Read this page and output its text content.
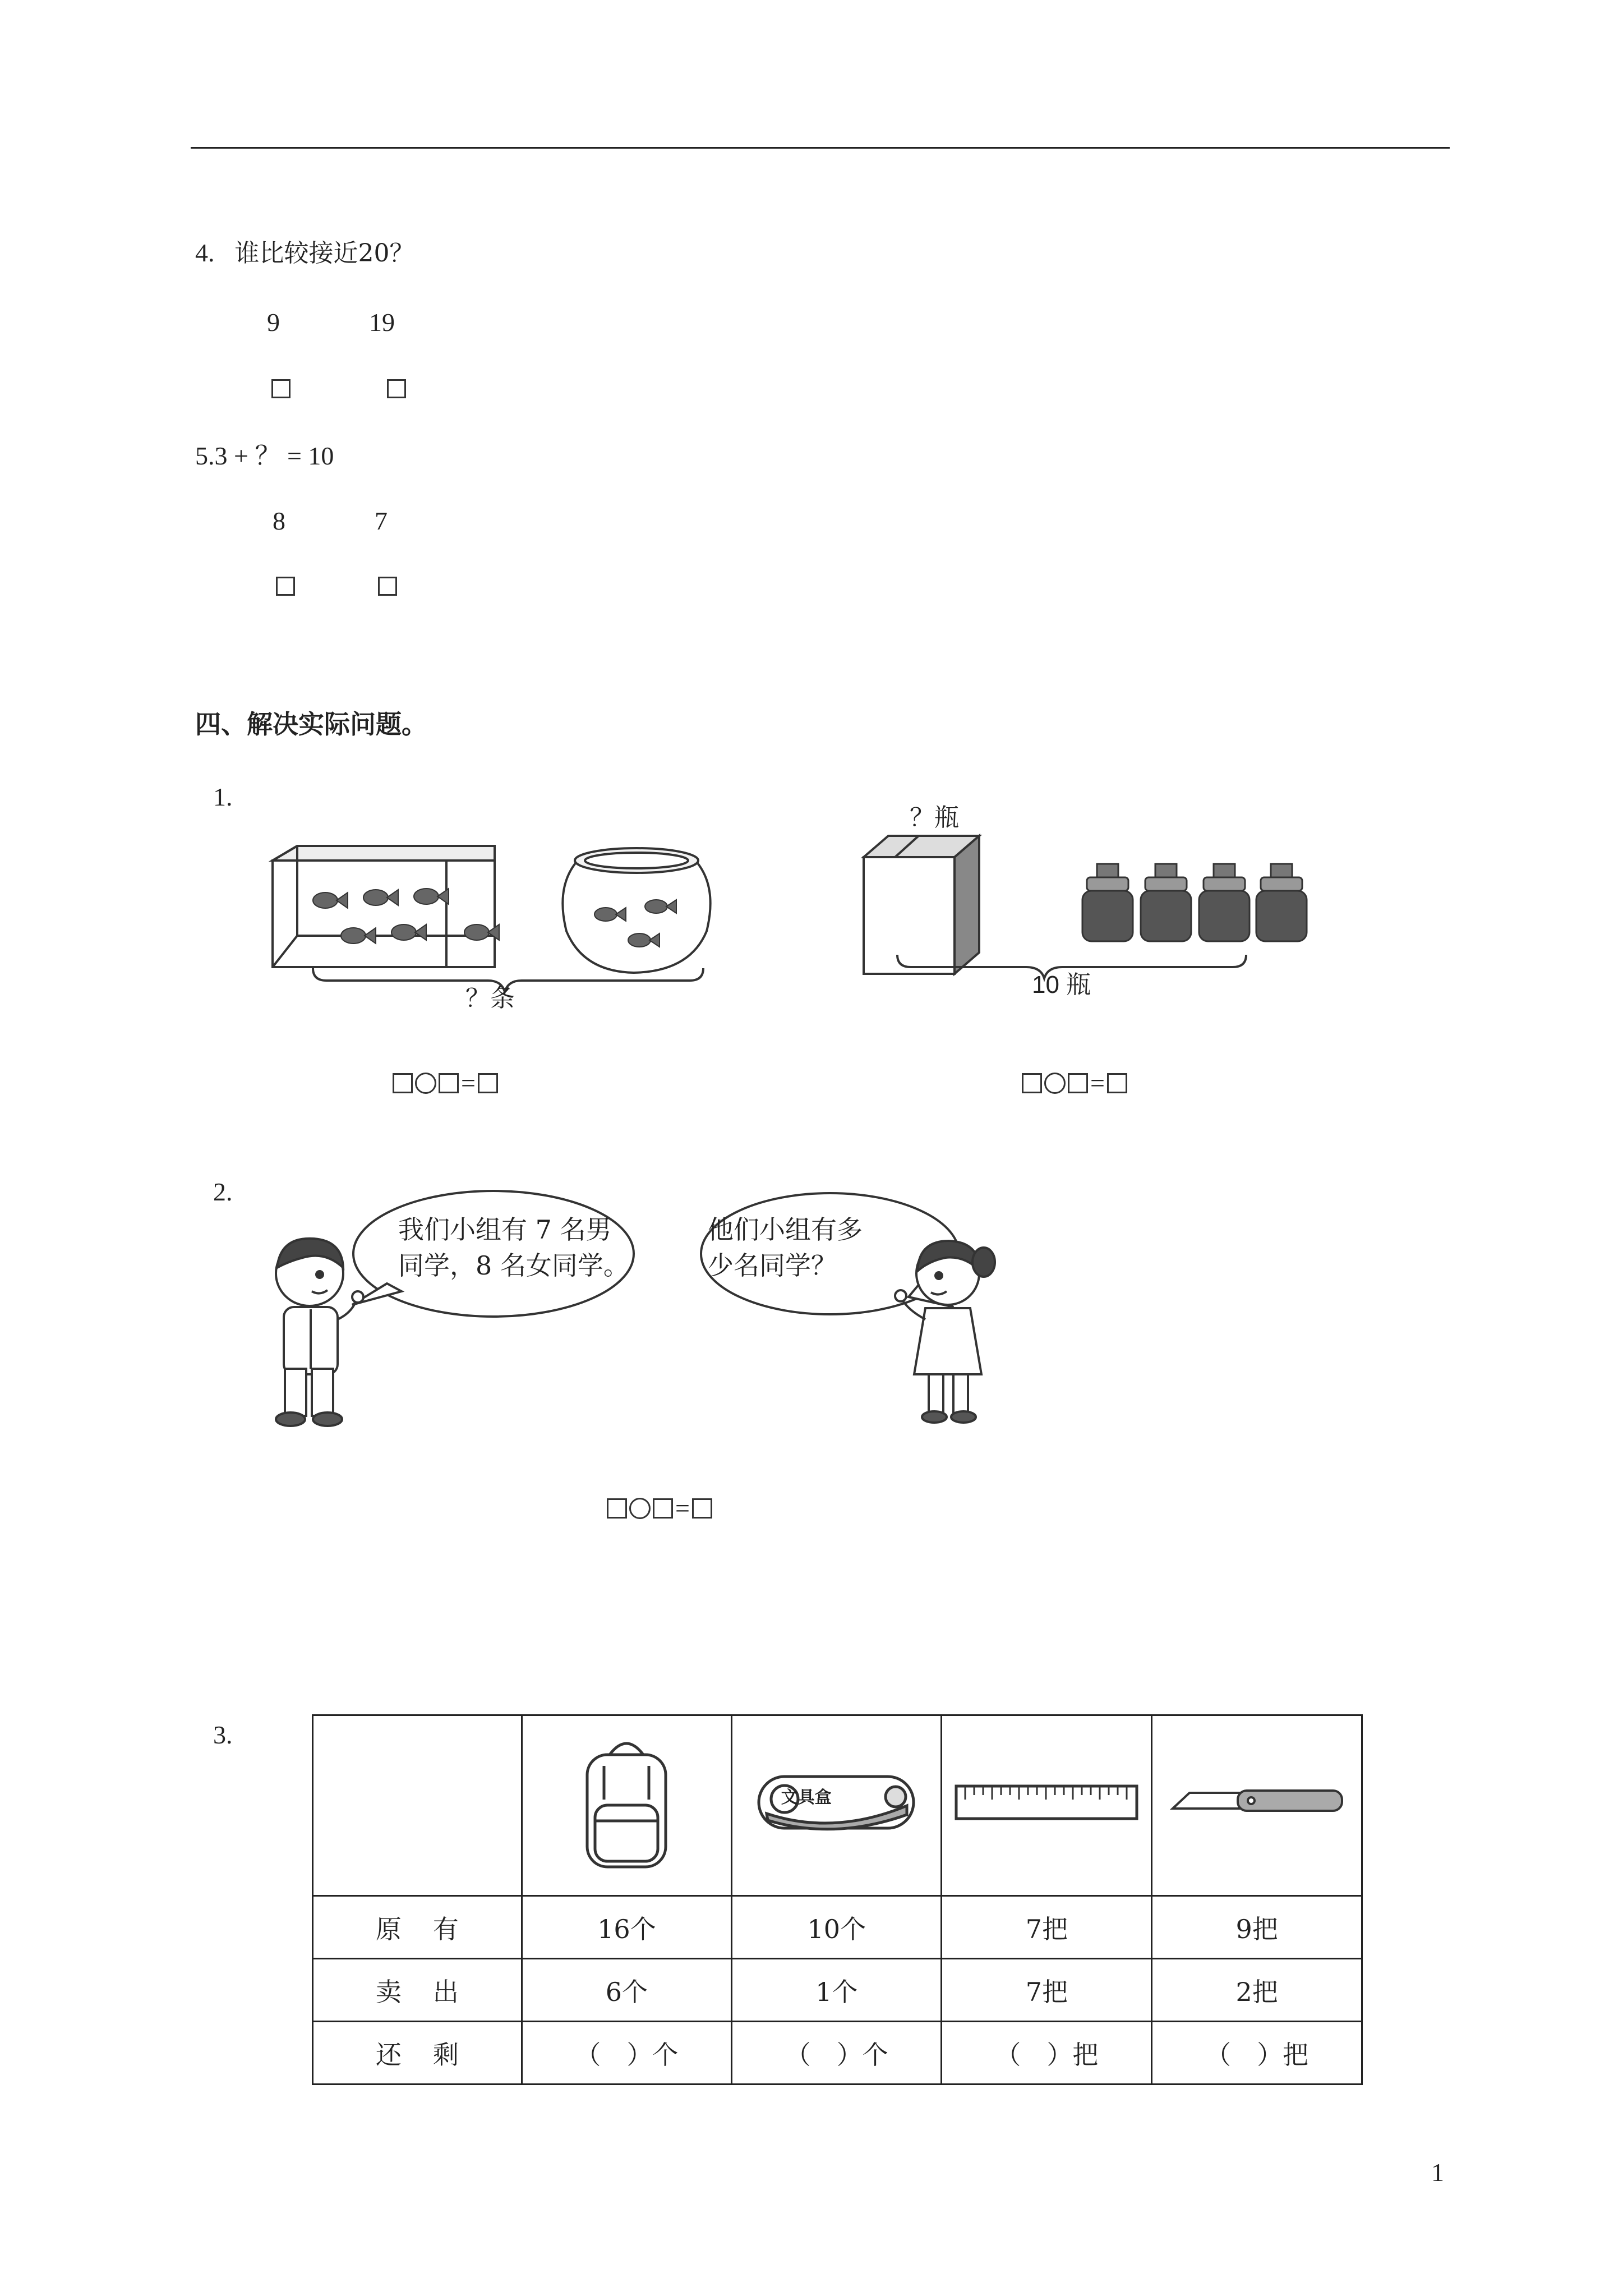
4. 谁比较接近20？
9	19
5.3 + ？ = 10
8	7
四、解决实际问题。
1.
？条
=
？瓶
10 瓶
=
2.
我们小组有 7 名男
同学，8 名女同学。
他们小组有多
少名同学？
=
3.

文具盒

原有	16个	10个	7把	9把
卖出	6个	1个	7把	2把
还剩	（　）个	（　）个	（　）把	（　）把
1
